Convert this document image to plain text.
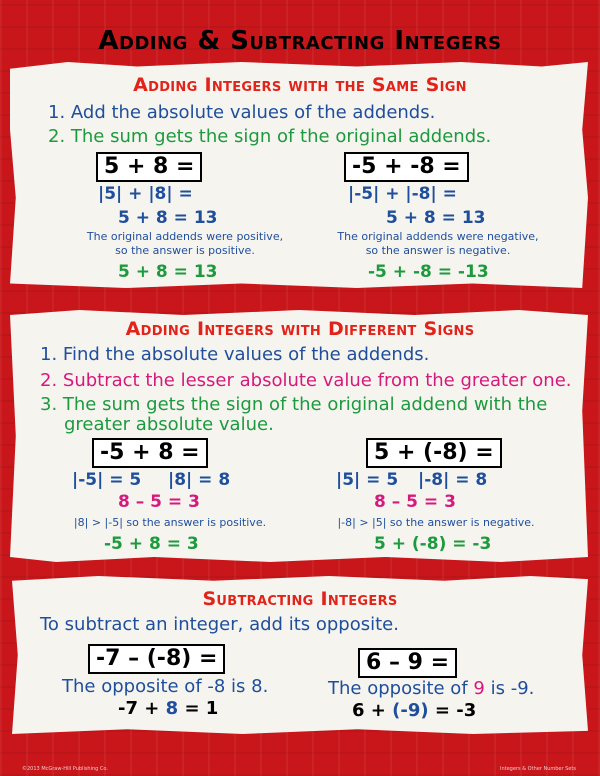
Adding & Subtracting Integers
Adding Integers with the Same Sign
1. Add the absolute values of the addends.
2. The sum gets the sign of the original addends.
5 + 8 =
|5| + |8| =
5 + 8 = 13
The original addends were positive,
so the answer is positive.
5 + 8 = 13
-5 + -8 =
|-5| + |-8| =
5 + 8 = 13
The original addends were negative,
so the answer is negative.
-5 + -8 = -13
Adding Integers with Different Signs
1. Find the absolute values of the addends.
2. Subtract the lesser absolute value from the greater one.
3. The sum gets the sign of the original addend with the
greater absolute value.
-5 + 8 =
|-5| = 5 |8| = 8
8 – 5 = 3
|8| > |-5| so the answer is positive.
-5 + 8 = 3
5 + (-8) =
|5| = 5 |-8| = 8
8 – 5 = 3
|-8| > |5| so the answer is negative.
5 + (-8) = -3
Subtracting Integers
To subtract an integer, add its opposite.
-7 – (-8) =
The opposite of -8 is 8.
-7 + 8 = 1
6 – 9 =
The opposite of 9 is -9.
6 + (-9) = -3
©2013 McGraw-Hill Publishing Co.	Integers & Other Number Sets
